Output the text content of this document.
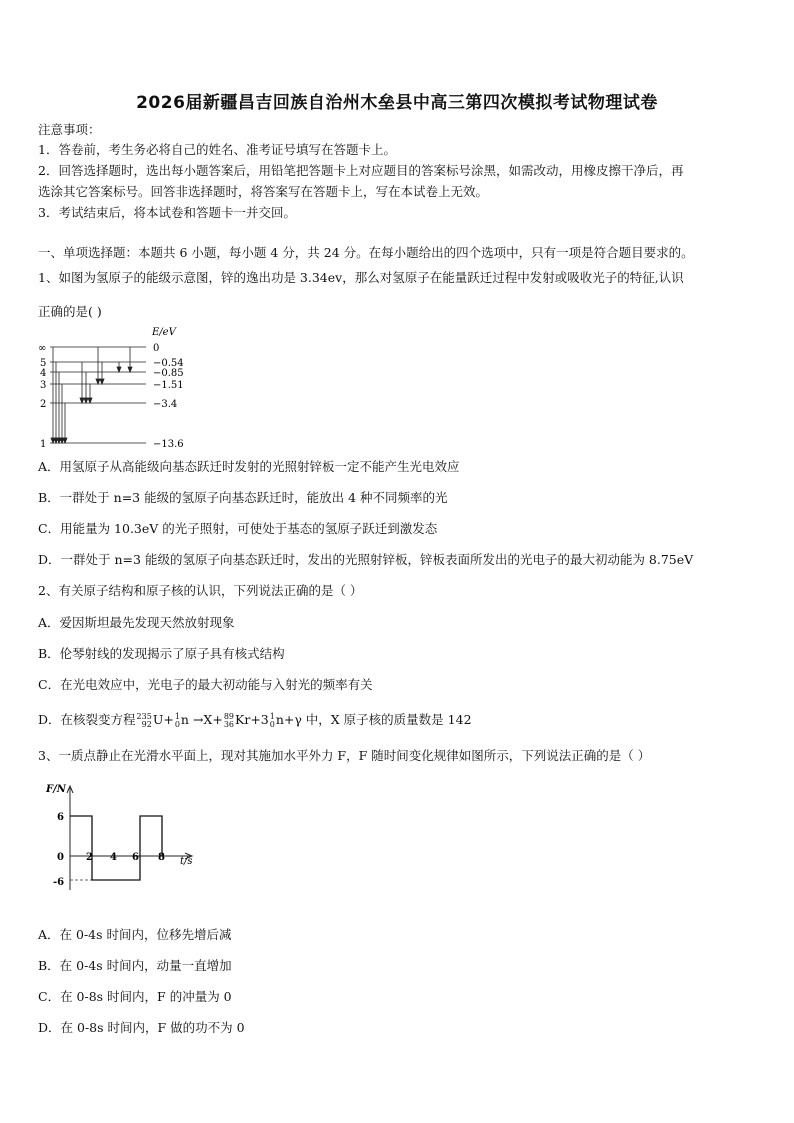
2026届新疆昌吉回族自治州木垒县中高三第四次模拟考试物理试卷
注意事项：
1．答卷前，考生务必将自己的姓名、准考证号填写在答题卡上。
2．回答选择题时，选出每小题答案后，用铅笔把答题卡上对应题目的答案标号涂黑，如需改动，用橡皮擦干净后，再
选涂其它答案标号。回答非选择题时，将答案写在答题卡上，写在本试卷上无效。
3．考试结束后，将本试卷和答题卡一并交回。
一、单项选择题：本题共 6 小题，每小题 4 分，共 24 分。在每小题给出的四个选项中，只有一项是符合题目要求的。
1、如图为氢原子的能级示意图，锌的逸出功是 3.34ev，那么对氢原子在能量跃迁过程中发射或吸收光子的特征,认识
正确的是( )
E/eV
∞
5
4
3
2
1
0
−0.54
−0.85
−1.51
−3.4
−13.6
A．用氢原子从高能级向基态跃迁时发射的光照射锌板一定不能产生光电效应
B．一群处于 n=3 能级的氢原子向基态跃迁时，能放出 4 种不同频率的光
C．用能量为 10.3eV 的光子照射，可使处于基态的氢原子跃迁到激发态
D．一群处于 n=3 能级的氢原子向基态跃迁时，发出的光照射锌板，锌板表面所发出的光电子的最大初动能为 8.75eV
2、有关原子结构和原子核的认识，下列说法正确的是（ ）
A．爱因斯坦最先发现天然放射现象
B．伦琴射线的发现揭示了原子具有核式结构
C．在光电效应中，光电子的最大初动能与入射光的频率有关
D．在核裂变方程 235
92 U+ 1
0 n →X+ 89
36 Kr+3 1
0 n+γ 中，X 原子核的质量数是 142
3、一质点静止在光滑水平面上，现对其施加水平外力 F，F 随时间变化规律如图所示，下列说法正确的是（ ）
F/N
t/s
6
0
-6
2 4 6 8
A．在 0-4s 时间内，位移先增后减
B．在 0-4s 时间内，动量一直增加
C．在 0-8s 时间内，F 的冲量为 0
D．在 0-8s 时间内，F 做的功不为 0
